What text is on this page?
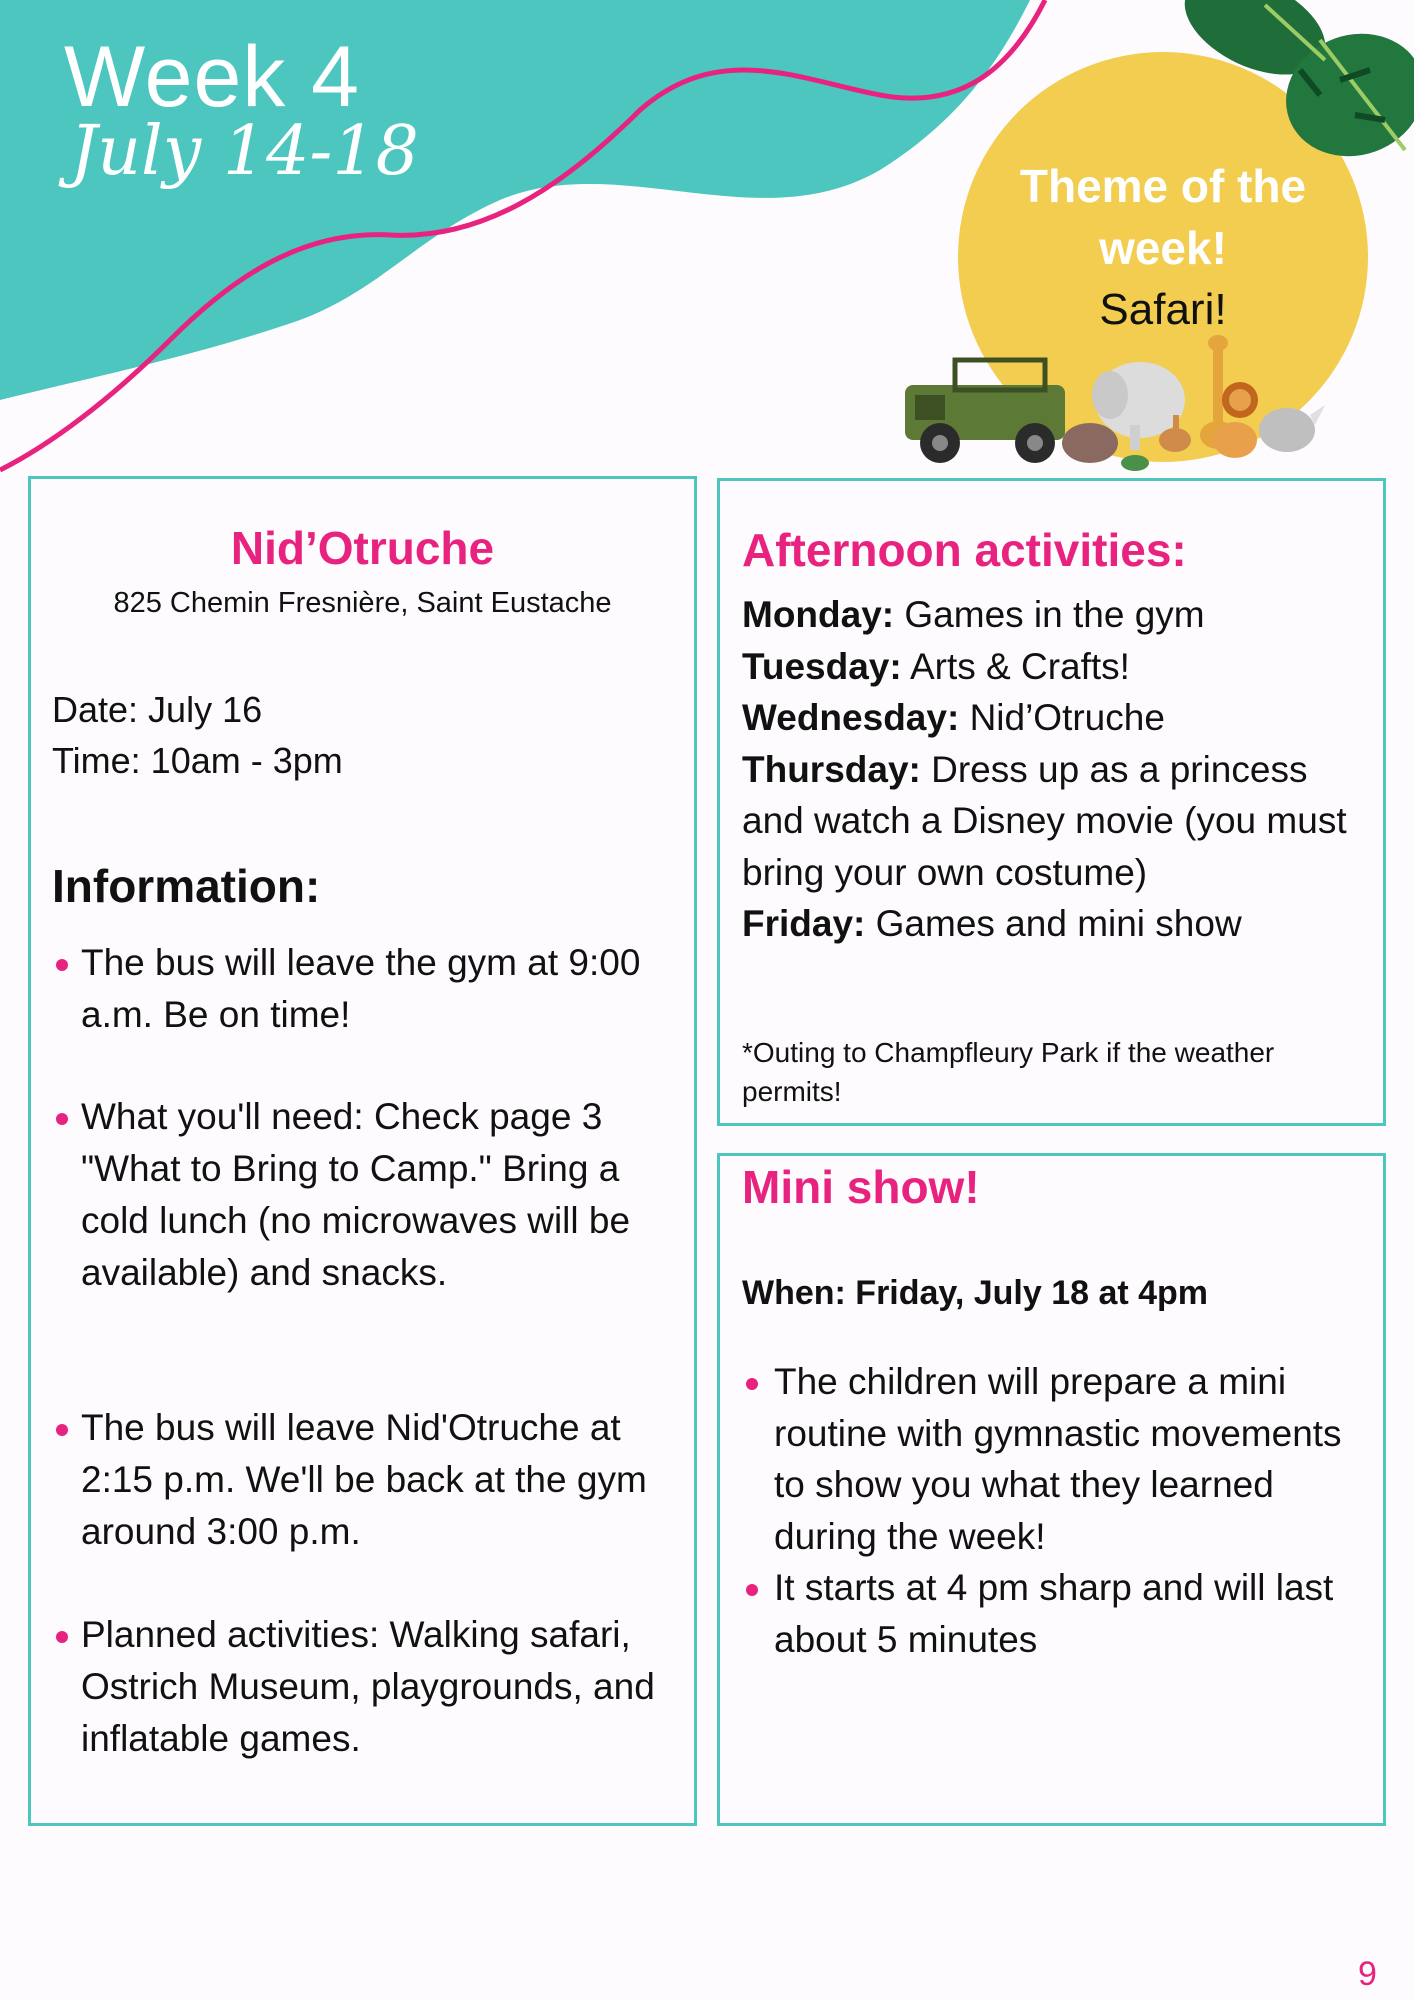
Week 4
July 14-18	Theme of the week!
Safari!
Nid’Otruche
825 Chemin Fresnière, Saint Eustache
Date: July 16
Time: 10am - 3pm
Information:
The bus will leave the gym at 9:00 a.m. Be on time!
What you'll need: Check page 3 "What to Bring to Camp." Bring a cold lunch (no microwaves will be available) and snacks.
The bus will leave Nid'Otruche at 2:15 p.m. We'll be back at the gym around 3:00 p.m.
Planned activities: Walking safari, Ostrich Museum, playgrounds, and inflatable games.
Afternoon activities:
Monday: Games in the gym
Tuesday: Arts & Crafts!
Wednesday: Nid’Otruche
Thursday: Dress up as a princess and watch a Disney movie (you must bring your own costume)
Friday: Games and mini show
*Outing to Champfleury Park if the weather permits!
Mini show!
When: Friday, July 18 at 4pm
The children will prepare a mini routine with gymnastic movements to show you what they learned during the week!
It starts at 4 pm sharp and will last about 5 minutes
9
